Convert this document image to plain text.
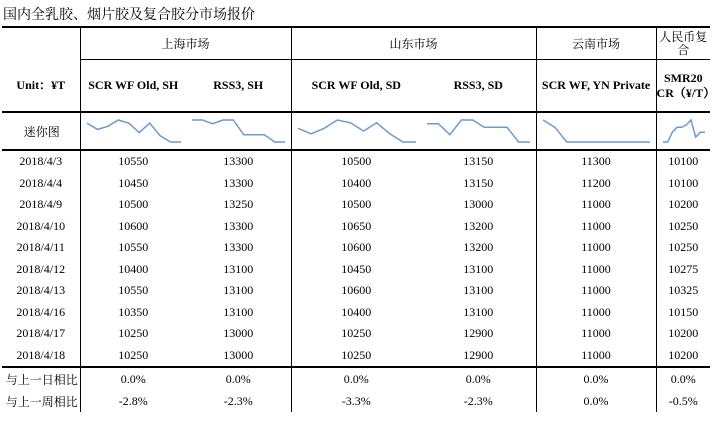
国内全乳胶、烟片胶及复合胶分市场报价
	上海市场		山东市场		云南市场	人民币复合
Unit：¥T	SCR WF Old, SH	RSS3, SH	SCR WF Old, SD	RSS3, SD	SCR WF, YN Private	SMR20 CR（¥/T）
迷你图	

2018/4/3	10550	13300	10500	13150	11300	10100
2018/4/4	10450	13300	10400	13150	11200	10100
2018/4/9	10500	13250	10500	13000	11000	10200
2018/4/10	10600	13300	10650	13200	11000	10250
2018/4/11	10550	13300	10600	13200	11000	10250
2018/4/12	10400	13100	10450	13100	11000	10275
2018/4/13	10550	13100	10600	13100	11000	10325
2018/4/16	10350	13100	10400	13100	11000	10150
2018/4/17	10250	13000	10250	12900	11000	10200
2018/4/18	10250	13000	10250	12900	11000	10200
与上一日相比	0.0%	0.0%	0.0%	0.0%	0.0%	0.0%
与上一周相比	-2.8%	-2.3%	-3.3%	-2.3%	0.0%	-0.5%
